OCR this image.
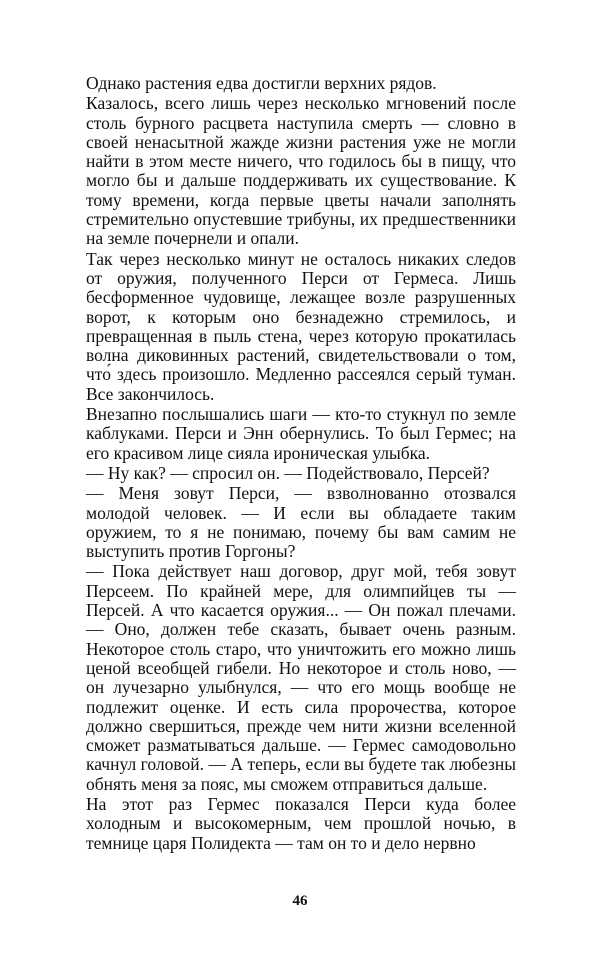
Однако растения едва достигли верхних рядов.

Казалось, всего лишь через несколько мгновений после столь бурного расцвета наступила смерть — словно в своей ненасытной жажде жизни растения уже не могли найти в этом месте ничего, что годилось бы в пищу, что могло бы и дальше поддерживать их существование. К тому времени, когда первые цветы начали заполнять стремительно опустевшие трибуны, их предшественники на земле почернели и опали.

Так через несколько минут не осталось никаких следов от оружия, полученного Перси от Гермеса. Лишь бесформенное чудовище, лежащее возле разрушенных ворот, к которым оно безнадежно стремилось, и превращенная в пыль стена, через которую прокатилась волна диковинных растений, свидетельствовали о том, что́ здесь произошло. Медленно рассеялся серый туман. Все закончилось.

Внезапно послышались шаги — кто-то стукнул по земле каблуками. Перси и Энн обернулись. То был Гермес; на его красивом лице сияла ироническая улыбка.

— Ну как? — спросил он. — Подействовало, Персей?

— Меня зовут Перси, — взволнованно отозвался молодой человек. — И если вы обладаете таким оружием, то я не понимаю, почему бы вам самим не выступить против Горгоны?

— Пока действует наш договор, друг мой, тебя зовут Персеем. По крайней мере, для олимпийцев ты — Персей. А что касается оружия... — Он пожал плечами. — Оно, должен тебе сказать, бывает очень разным. Некоторое столь старо, что уничтожить его можно лишь ценой всеобщей гибели. Но некоторое и столь ново, — он лучезарно улыбнулся, — что его мощь вообще не подлежит оценке. И есть сила пророчества, которое должно свершиться, прежде чем нити жизни вселенной сможет разматываться дальше. — Гермес самодовольно качнул головой. — А теперь, если вы будете так любезны обнять меня за пояс, мы сможем отправиться дальше.

На этот раз Гермес показался Перси куда более холодным и высокомерным, чем прошлой ночью, в темнице царя Полидекта — там он то и дело нервно

46
